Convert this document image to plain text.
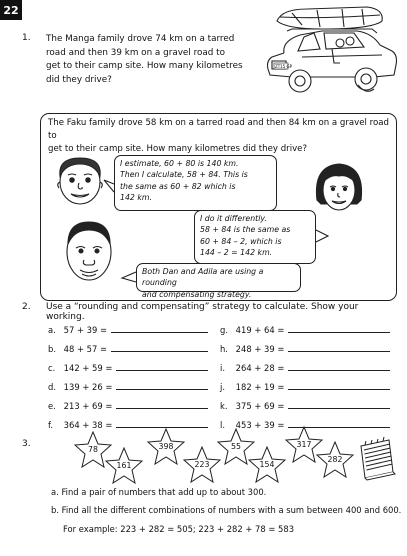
22
1. The Manga family drove 74 km on a tarred
road and then 39 km on a gravel road to
get to their camp site. How many kilometres
did they drive?
ZT15 GP
The Faku family drove 58 km on a tarred road and then 84 km on a gravel road to
get to their camp site. How many kilometres did they drive?
I estimate, 60 + 80 is 140 km.
Then I calculate, 58 + 84. This is
the same as 60 + 82 which is
142 km.
I do it differently.
58 + 84 is the same as
60 + 84 – 2, which is
144 – 2 = 142 km.
Both Dan and Adila are using a rounding
and compensating strategy.
2. Use a “rounding and compensating” strategy to calculate. Show your working.
a. 57 + 39 =
b. 48 + 57 =
c. 142 + 59 =
d. 139 + 26 =
e. 213 + 69 =
f. 364 + 38 =
g. 419 + 64 =
h. 248 + 39 =
i. 264 + 28 =
j. 182 + 19 =
k. 375 + 69 =
l. 453 + 39 =
3.
78
161
398
223
55
154
317
282
a. Find a pair of numbers that add up to about 300.
b. Find all the different combinations of numbers with a sum between 400 and 600.
For example: 223 + 282 = 505; 223 + 282 + 78 = 583
